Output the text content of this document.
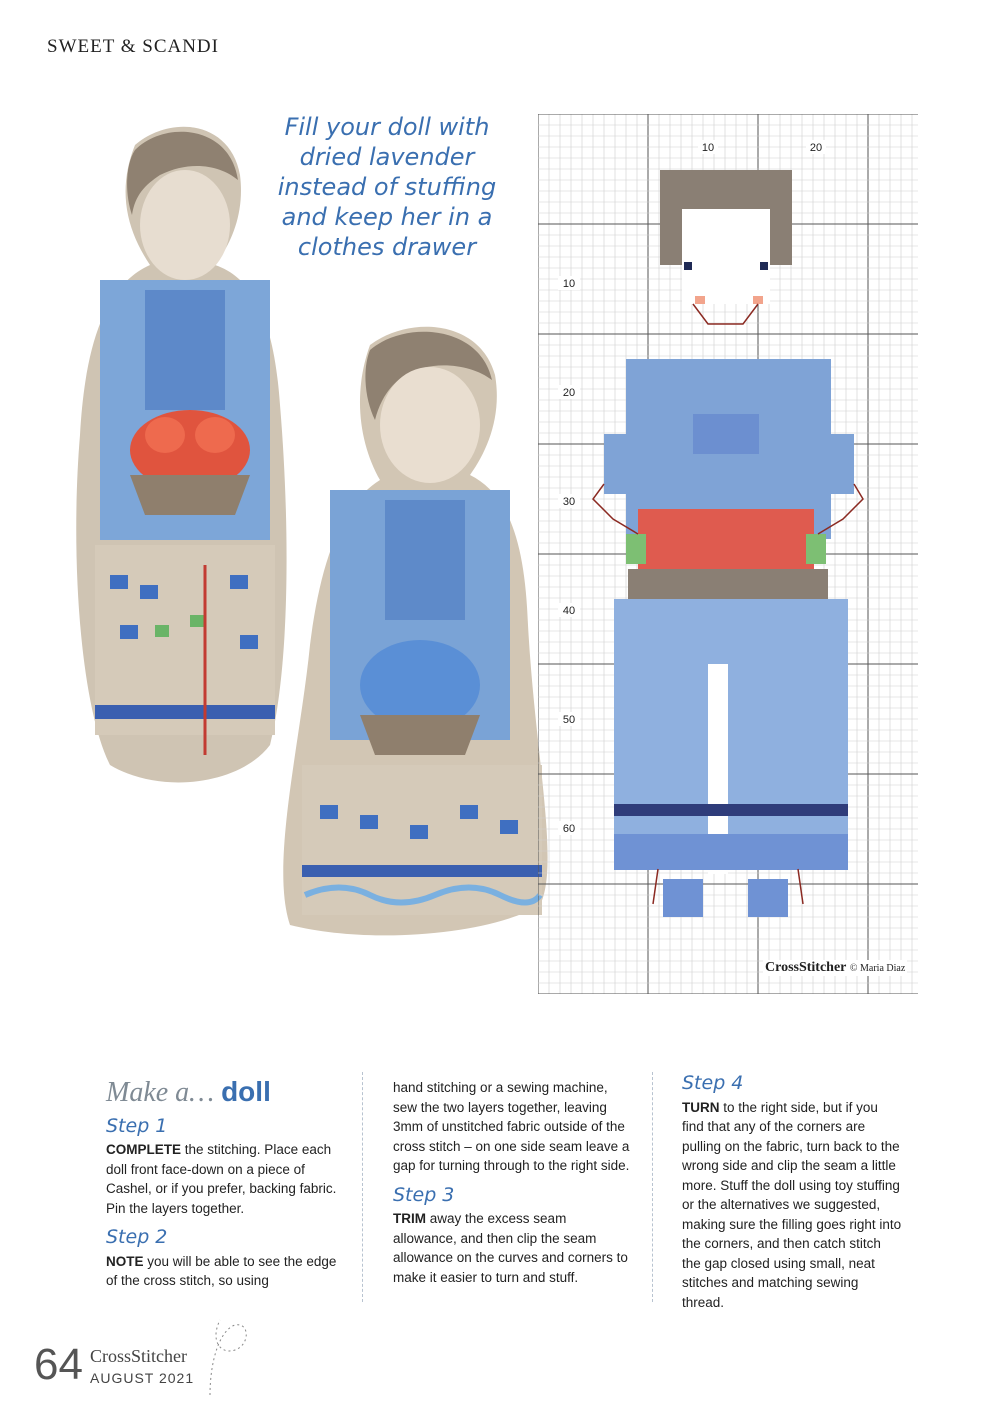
SWEET & SCANDI
Fill your doll with
dried lavender
instead of stuffing
and keep her in a
clothes drawer
10	20
10
20
30
40
50
60
CrossStitcher © Maria Diaz
Make a… doll
Step 1

COMPLETE the stitching. Place each doll front face-down on a piece of Cashel, or if you prefer, backing fabric. Pin the layers together.

Step 2

NOTE you will be able to see the edge of the cross stitch, so using

hand stitching or a sewing machine, sew the two layers together, leaving 3mm of unstitched fabric outside of the cross stitch – on one side seam leave a gap for turning through to the right side.

Step 3

TRIM away the excess seam allowance, and then clip the seam allowance on the curves and corners to make it easier to turn and stuff.

Step 4

TURN to the right side, but if you find that any of the corners are pulling on the fabric, turn back to the wrong side and clip the seam a little more. Stuff the doll using toy stuffing or the alternatives we suggested, making sure the filling goes right into the corners, and then catch stitch the gap closed using small, neat stitches and matching sewing thread.

64 CrossStitcher
AUGUST 2021
